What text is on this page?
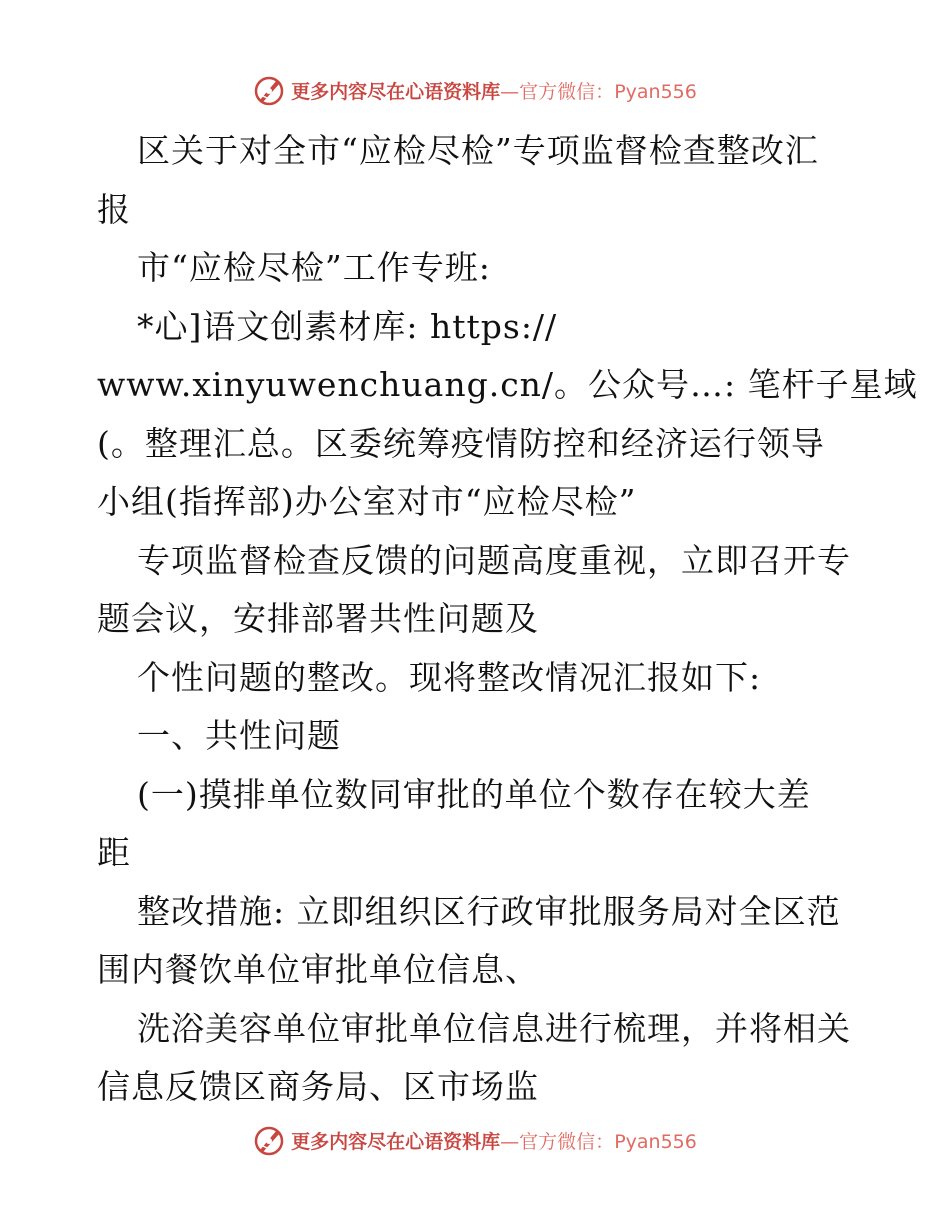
更多内容尽在心语资料库—官方微信：Pyan556
区关于对全市“应检尽检”专项监督检查整改汇
报
市“应检尽检”工作专班:
*心]语文创素材库: https://
www.xinyuwenchuang.cn/。公众号…: 笔杆子星域
(。整理汇总。区委统筹疫情防控和经济运行领导
小组(指挥部)办公室对市“应检尽检”
专项监督检查反馈的问题高度重视，立即召开专
题会议，安排部署共性问题及
个性问题的整改。现将整改情况汇报如下:
一、共性问题
(一)摸排单位数同审批的单位个数存在较大差
距
整改措施: 立即组织区行政审批服务局对全区范
围内餐饮单位审批单位信息、
洗浴美容单位审批单位信息进行梳理，并将相关
信息反馈区商务局、区市场监
更多内容尽在心语资料库—官方微信：Pyan556
